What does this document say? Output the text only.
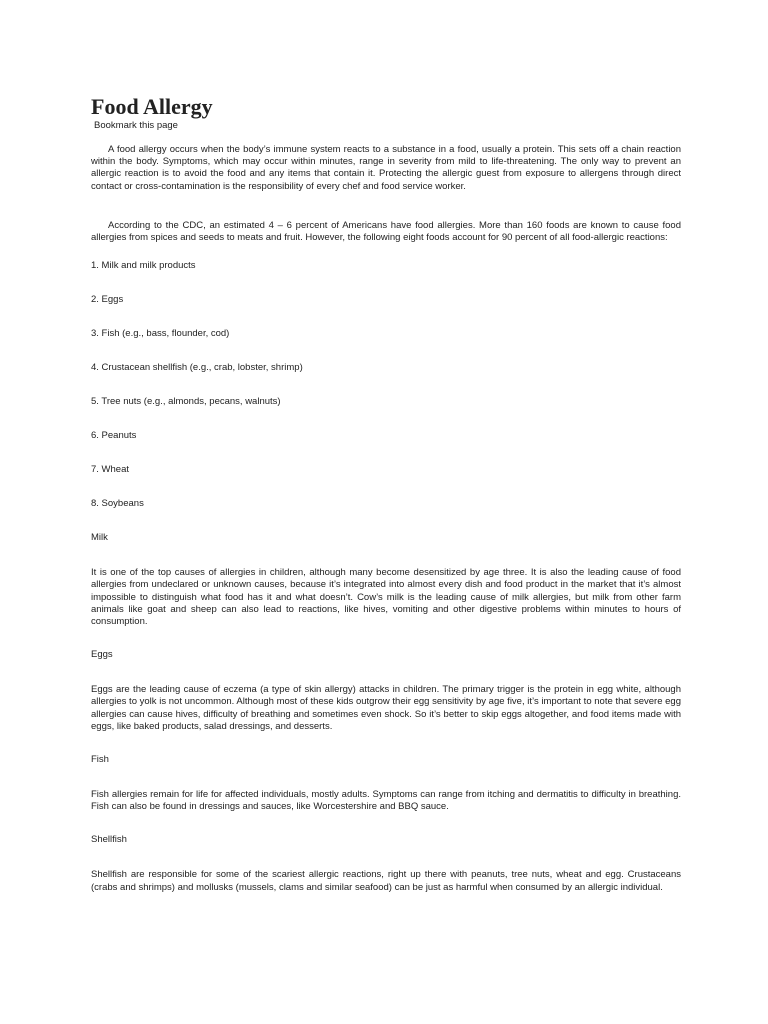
Food Allergy
Bookmark this page

A food allergy occurs when the body’s immune system reacts to a substance in a food, usually a protein. This sets off a chain reaction within the body. Symptoms, which may occur within minutes, range in severity from mild to life-threatening. The only way to prevent an allergic reaction is to avoid the food and any items that contain it. Protecting the allergic guest from exposure to allergens through direct contact or cross-contamination is the responsibility of every chef and food service worker.

According to the CDC, an estimated 4 – 6 percent of Americans have food allergies. More than 160 foods are known to cause food allergies from spices and seeds to meats and fruit. However, the following eight foods account for 90 percent of all food-allergic reactions:

1. Milk and milk products
2. Eggs
3. Fish (e.g., bass, flounder, cod)
4. Crustacean shellfish (e.g., crab, lobster, shrimp)
5. Tree nuts (e.g., almonds, pecans, walnuts)
6. Peanuts
7. Wheat
8. Soybeans
Milk

It is one of the top causes of allergies in children, although many become desensitized by age three. It is also the leading cause of food allergies from undeclared or unknown causes, because it’s integrated into almost every dish and food product in the market that it’s almost impossible to distinguish what food has it and what doesn’t. Cow’s milk is the leading cause of milk allergies, but milk from other farm animals like goat and sheep can also lead to reactions, like hives, vomiting and other digestive problems within minutes to hours of consumption.

Eggs

Eggs are the leading cause of eczema (a type of skin allergy) attacks in children. The primary trigger is the protein in egg white, although allergies to yolk is not uncommon. Although most of these kids outgrow their egg sensitivity by age five, it’s important to note that severe egg allergies can cause hives, difficulty of breathing and sometimes even shock. So it’s better to skip eggs altogether, and food items made with eggs, like baked products, salad dressings, and desserts.

Fish

Fish allergies remain for life for affected individuals, mostly adults. Symptoms can range from itching and dermatitis to difficulty in breathing. Fish can also be found in dressings and sauces, like Worcestershire and BBQ sauce.

Shellfish

Shellfish are responsible for some of the scariest allergic reactions, right up there with peanuts, tree nuts, wheat and egg. Crustaceans (crabs and shrimps) and mollusks (mussels, clams and similar seafood) can be just as harmful when consumed by an allergic individual.
